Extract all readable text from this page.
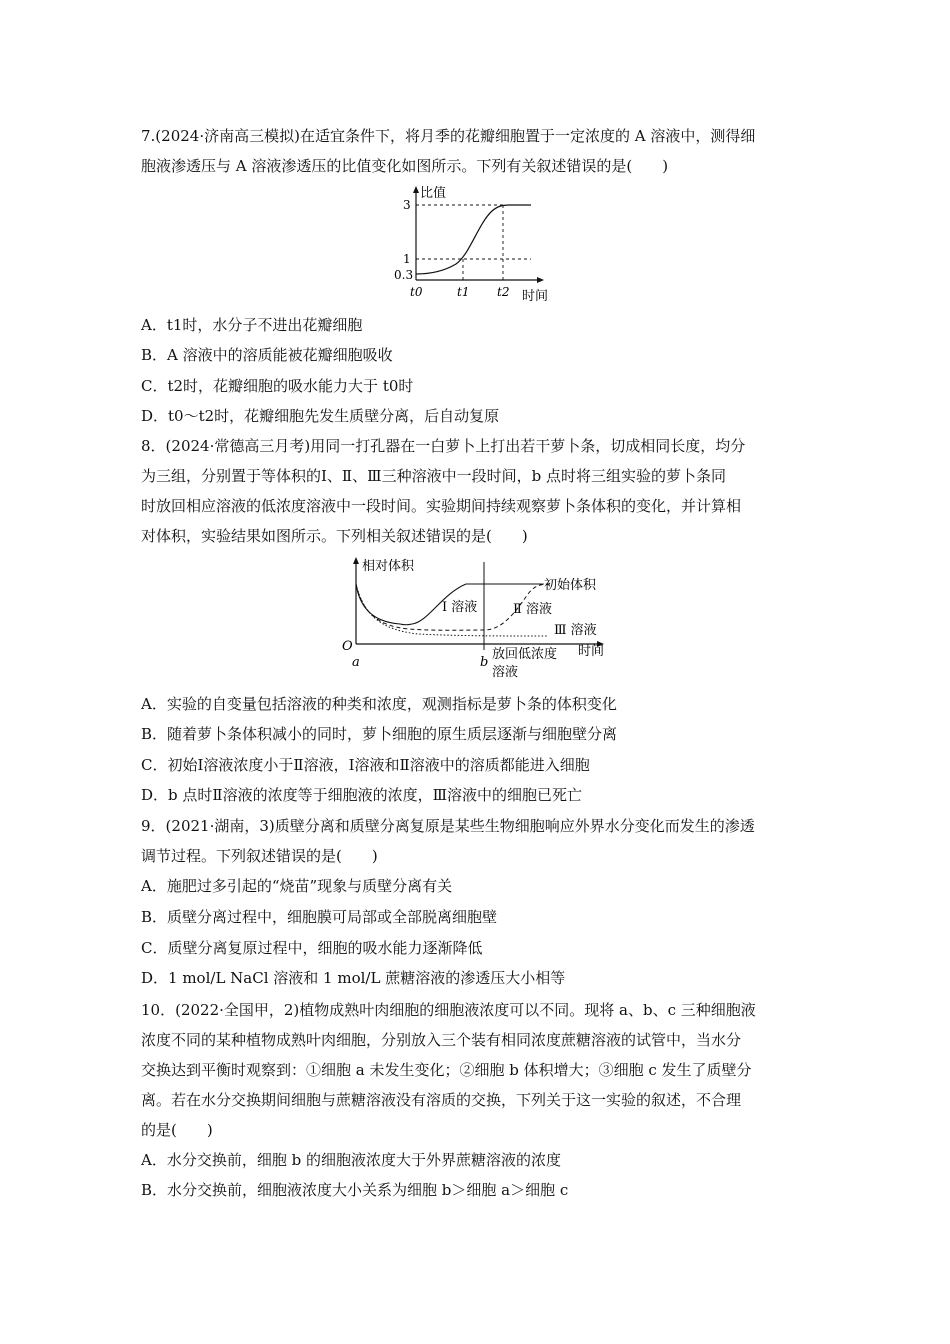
7.(2024·济南高三模拟)在适宜条件下，将月季的花瓣细胞置于一定浓度的 A 溶液中，测得细
胞液渗透压与 A 溶液渗透压的比值变化如图所示。下列有关叙述错误的是(　　)
比值
3
1
0.3
t0	t1 t2 时间
A．t1时，水分子不进出花瓣细胞
B．A 溶液中的溶质能被花瓣细胞吸收
C．t2时，花瓣细胞的吸水能力大于 t0时
D．t0～t2时，花瓣细胞先发生质壁分离，后自动复原
8．(2024·常德高三月考)用同一打孔器在一白萝卜上打出若干萝卜条，切成相同长度，均分
为三组，分别置于等体积的Ⅰ、Ⅱ、Ⅲ三种溶液中一段时间，b 点时将三组实验的萝卜条同
时放回相应溶液的低浓度溶液中一段时间。实验期间持续观察萝卜条体积的变化，并计算相
对体积，实验结果如图所示。下列相关叙述错误的是(　　)
相对体积
初始体积
Ⅰ 溶液	Ⅱ 溶液
Ⅲ 溶液
O
a	b
放回低浓度
溶液
时间
A．实验的自变量包括溶液的种类和浓度，观测指标是萝卜条的体积变化
B．随着萝卜条体积减小的同时，萝卜细胞的原生质层逐渐与细胞壁分离
C．初始Ⅰ溶液浓度小于Ⅱ溶液，Ⅰ溶液和Ⅱ溶液中的溶质都能进入细胞
D．b 点时Ⅱ溶液的浓度等于细胞液的浓度，Ⅲ溶液中的细胞已死亡
9．(2021·湖南，3)质壁分离和质壁分离复原是某些生物细胞响应外界水分变化而发生的渗透
调节过程。下列叙述错误的是(　　)
A．施肥过多引起的“烧苗”现象与质壁分离有关
B．质壁分离过程中，细胞膜可局部或全部脱离细胞壁
C．质壁分离复原过程中，细胞的吸水能力逐渐降低
D．1 mol/L NaCl 溶液和 1 mol/L 蔗糖溶液的渗透压大小相等
10．(2022·全国甲，2)植物成熟叶肉细胞的细胞液浓度可以不同。现将 a、b、c 三种细胞液
浓度不同的某种植物成熟叶肉细胞，分别放入三个装有相同浓度蔗糖溶液的试管中，当水分
交换达到平衡时观察到：①细胞 a 未发生变化；②细胞 b 体积增大；③细胞 c 发生了质壁分
离。若在水分交换期间细胞与蔗糖溶液没有溶质的交换，下列关于这一实验的叙述，不合理
的是(　　)
A．水分交换前，细胞 b 的细胞液浓度大于外界蔗糖溶液的浓度
B．水分交换前，细胞液浓度大小关系为细胞 b＞细胞 a＞细胞 c
